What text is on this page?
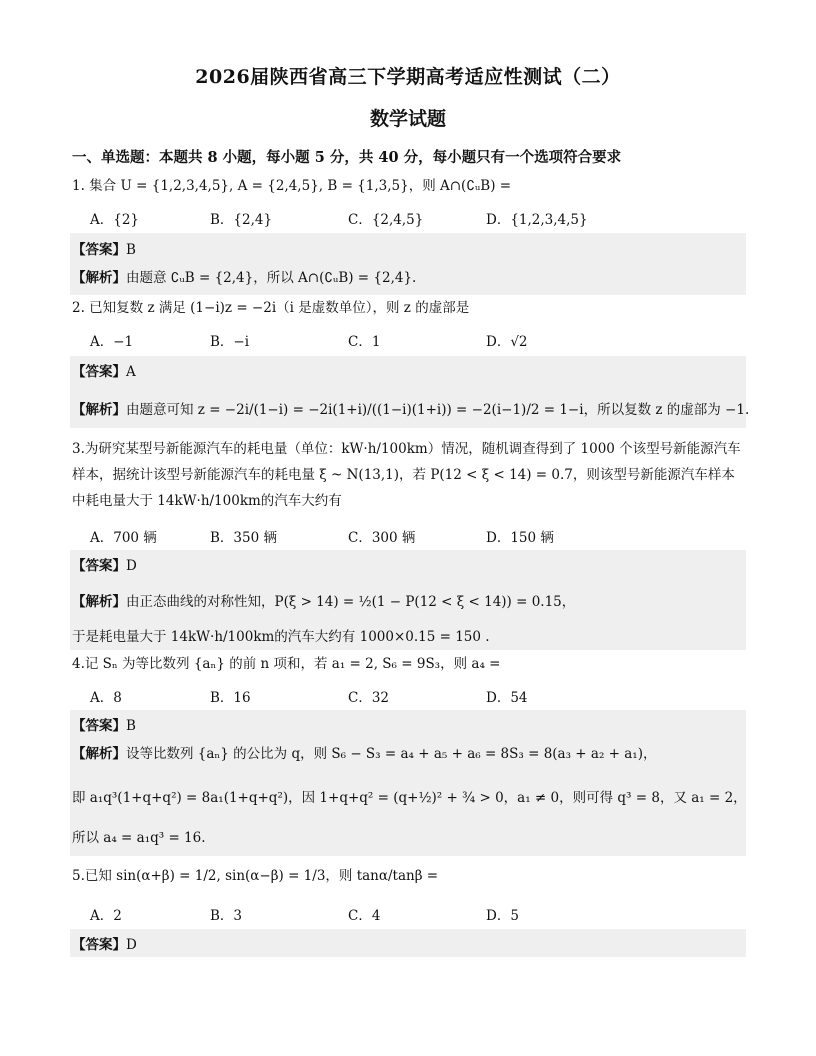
2026届陕西省高三下学期高考适应性测试（二）
数学试题
一、单选题：本题共 8 小题，每小题 5 分，共 40 分，每小题只有一个选项符合要求
1. 集合 U = {1,2,3,4,5}, A = {2,4,5}, B = {1,3,5}，则 A∩(∁ᵤB) =
A．{2}	B．{2,4}	C．{2,4,5}	D．{1,2,3,4,5}
【答案】B
【解析】由题意 ∁ᵤB = {2,4}，所以 A∩(∁ᵤB) = {2,4}.
2. 已知复数 z 满足 (1−i)z = −2i（i 是虚数单位），则 z 的虚部是
A．−1	B．−i	C．1	D．√2
【答案】A
【解析】由题意可知 z = −2i/(1−i) = −2i(1+i)/((1−i)(1+i)) = −2(i−1)/2 = 1−i，所以复数 z 的虚部为 −1.
3.为研究某型号新能源汽车的耗电量（单位：kW·h/100km）情况，随机调查得到了 1000 个该型号新能源汽车样本，据统计该型号新能源汽车的耗电量 ξ ~ N(13,1)，若 P(12 < ξ < 14) = 0.7，则该型号新能源汽车样本中耗电量大于 14kW·h/100km的汽车大约有
A．700 辆	B．350 辆	C．300 辆	D．150 辆
【答案】D
【解析】由正态曲线的对称性知，P(ξ > 14) = ½(1 − P(12 < ξ < 14)) = 0.15，
于是耗电量大于 14kW·h/100km的汽车大约有 1000×0.15 = 150 .
4.记 Sₙ 为等比数列 {aₙ} 的前 n 项和，若 a₁ = 2, S₆ = 9S₃，则 a₄ =
A．8	B．16	C．32	D．54
【答案】B
【解析】设等比数列 {aₙ} 的公比为 q，则 S₆ − S₃ = a₄ + a₅ + a₆ = 8S₃ = 8(a₃ + a₂ + a₁)，
即 a₁q³(1+q+q²) = 8a₁(1+q+q²)，因 1+q+q² = (q+½)² + ¾ > 0，a₁ ≠ 0，则可得 q³ = 8，又 a₁ = 2，
所以 a₄ = a₁q³ = 16.
5.已知 sin(α+β) = 1/2, sin(α−β) = 1/3，则 tanα/tanβ =
A．2	B．3	C．4	D．5
【答案】D
